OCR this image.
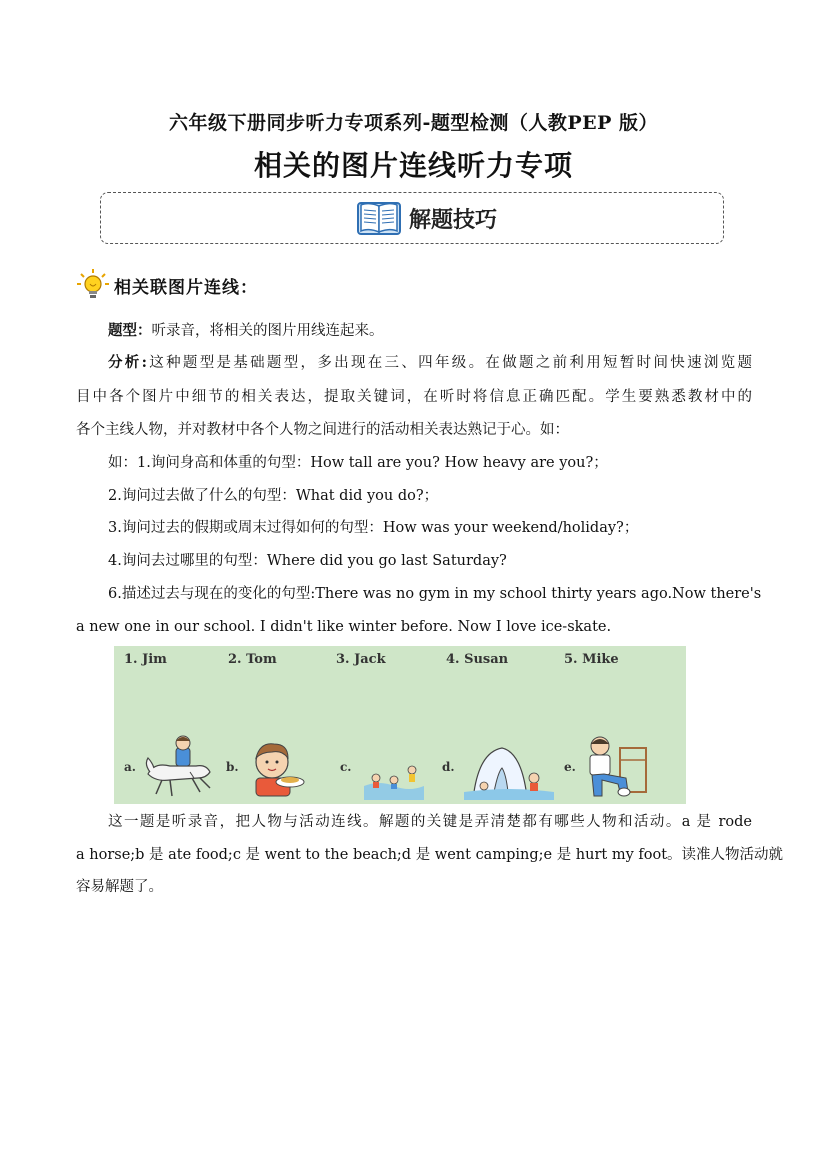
六年级下册同步听力专项系列-题型检测（人教PEP 版）
相关的图片连线听力专项
解题技巧
相关联图片连线：
题型：听录音，将相关的图片用线连起来。
分析:这种题型是基础题型，多出现在三、四年级。在做题之前利用短暂时间快速浏览题
目中各个图片中细节的相关表达，提取关键词，在听时将信息正确匹配。学生要熟悉教材中的
各个主线人物，并对教材中各个人物之间进行的活动相关表达熟记于心。如：
如：1.询问身高和体重的句型：How tall are you? How heavy are you?；
2.询问过去做了什么的句型：What did you do?；
3.询问过去的假期或周末过得如何的句型：How was your weekend/holiday?；
4.询问去过哪里的句型：Where did you go last Saturday?
6.描述过去与现在的变化的句型:There was no gym in my school thirty years ago.Now there's
a new one in our school. I didn't like winter before. Now I love ice-skate.
1. Jim	2. Tom	3. Jack	4. Susan	5. Mike
a.	b.	c.	d.	e.
这一题是听录音，把人物与活动连线。解题的关键是弄清楚都有哪些人物和活动。a 是 rode
a horse;b 是 ate food;c 是 went to the beach;d 是 went camping;e 是 hurt my foot。读准人物活动就
容易解题了。
